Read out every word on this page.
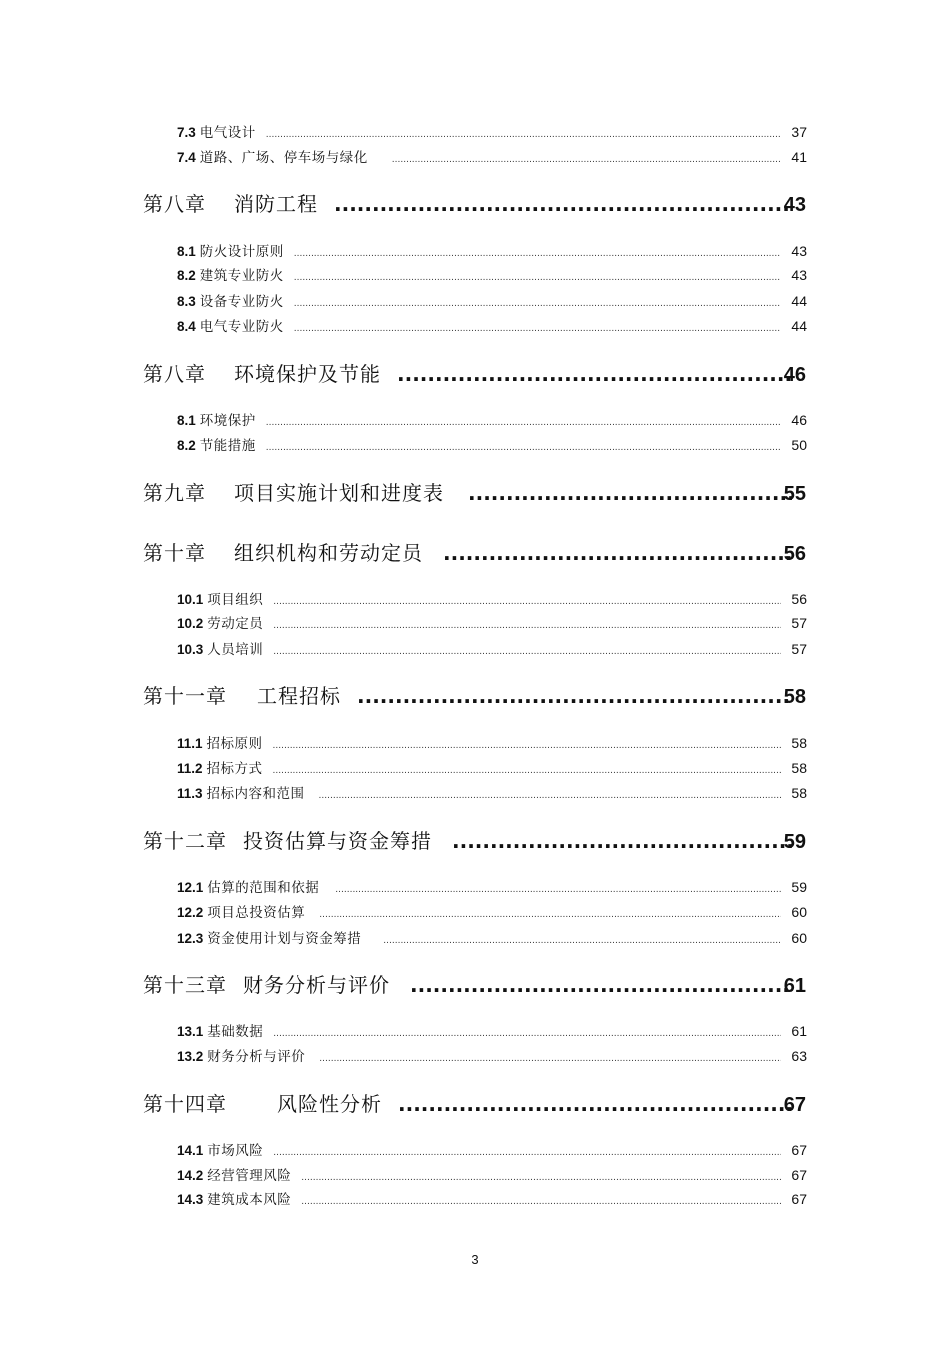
7.3 电气设计 .....	37
7.4 道路、广场、停车场与绿化 .....	41
第八章 消防工程 .....	43
8.1 防火设计原则 .....	43
8.2 建筑专业防火 .....	43
8.3 设备专业防火 .....	44
8.4 电气专业防火 .....	44
第八章 环境保护及节能 .....	46
8.1 环境保护 .....	46
8.2 节能措施 .....	50
第九章 项目实施计划和进度表 .....	55
第十章 组织机构和劳动定员 .....	56
10.1 项目组织 .....	56
10.2 劳动定员 .....	57
10.3 人员培训 .....	57
第十一章 工程招标 .....	58
11.1 招标原则 .....	58
11.2 招标方式 .....	58
11.3 招标内容和范围 .....	58
第十二章 投资估算与资金筹措 .....	59
12.1 估算的范围和依据 .....	59
12.2 项目总投资估算 .....	60
12.3 资金使用计划与资金筹措 .....	60
第十三章 财务分析与评价 .....	61
13.1 基础数据 .....	61
13.2 财务分析与评价 .....	63
第十四章	风险性分析 .....	67
14.1 市场风险 .....	67
14.2 经营管理风险 .....	67
14.3 建筑成本风险 .....	67
3
